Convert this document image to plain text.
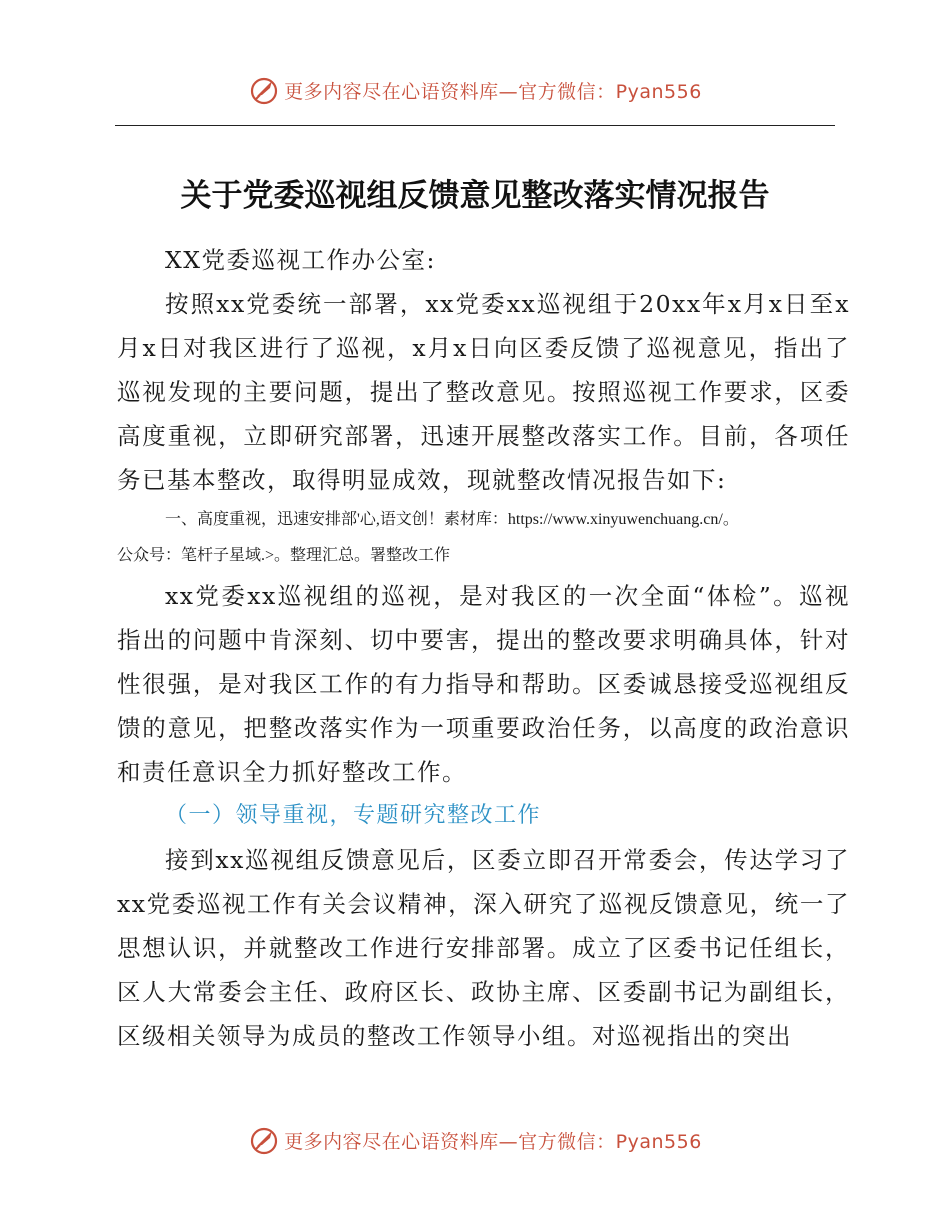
更多内容尽在心语资料库—官方微信：Pyan556
关于党委巡视组反馈意见整改落实情况报告

XX党委巡视工作办公室:

按照xx党委统一部署，xx党委xx巡视组于20xx年x月x日至x月x日对我区进行了巡视，x月x日向区委反馈了巡视意见，指出了巡视发现的主要问题，提出了整改意见。按照巡视工作要求，区委高度重视，立即研究部署，迅速开展整改落实工作。目前，各项任务已基本整改，取得明显成效，现就整改情况报告如下:

一、高度重视，迅速安排部'心,语文创！素材库：https://www.xinyuwenchuang.cn/。

公众号：笔杆子星域.>。整理汇总。署整改工作

xx党委xx巡视组的巡视，是对我区的一次全面“体检”。巡视指出的问题中肯深刻、切中要害，提出的整改要求明确具体，针对性很强，是对我区工作的有力指导和帮助。区委诚恳接受巡视组反馈的意见，把整改落实作为一项重要政治任务，以高度的政治意识和责任意识全力抓好整改工作。

（一）领导重视，专题研究整改工作

接到xx巡视组反馈意见后，区委立即召开常委会，传达学习了xx党委巡视工作有关会议精神，深入研究了巡视反馈意见，统一了思想认识，并就整改工作进行安排部署。成立了区委书记任组长，区人大常委会主任、政府区长、政协主席、区委副书记为副组长，区级相关领导为成员的整改工作领导小组。对巡视指出的突出

更多内容尽在心语资料库—官方微信：Pyan556
